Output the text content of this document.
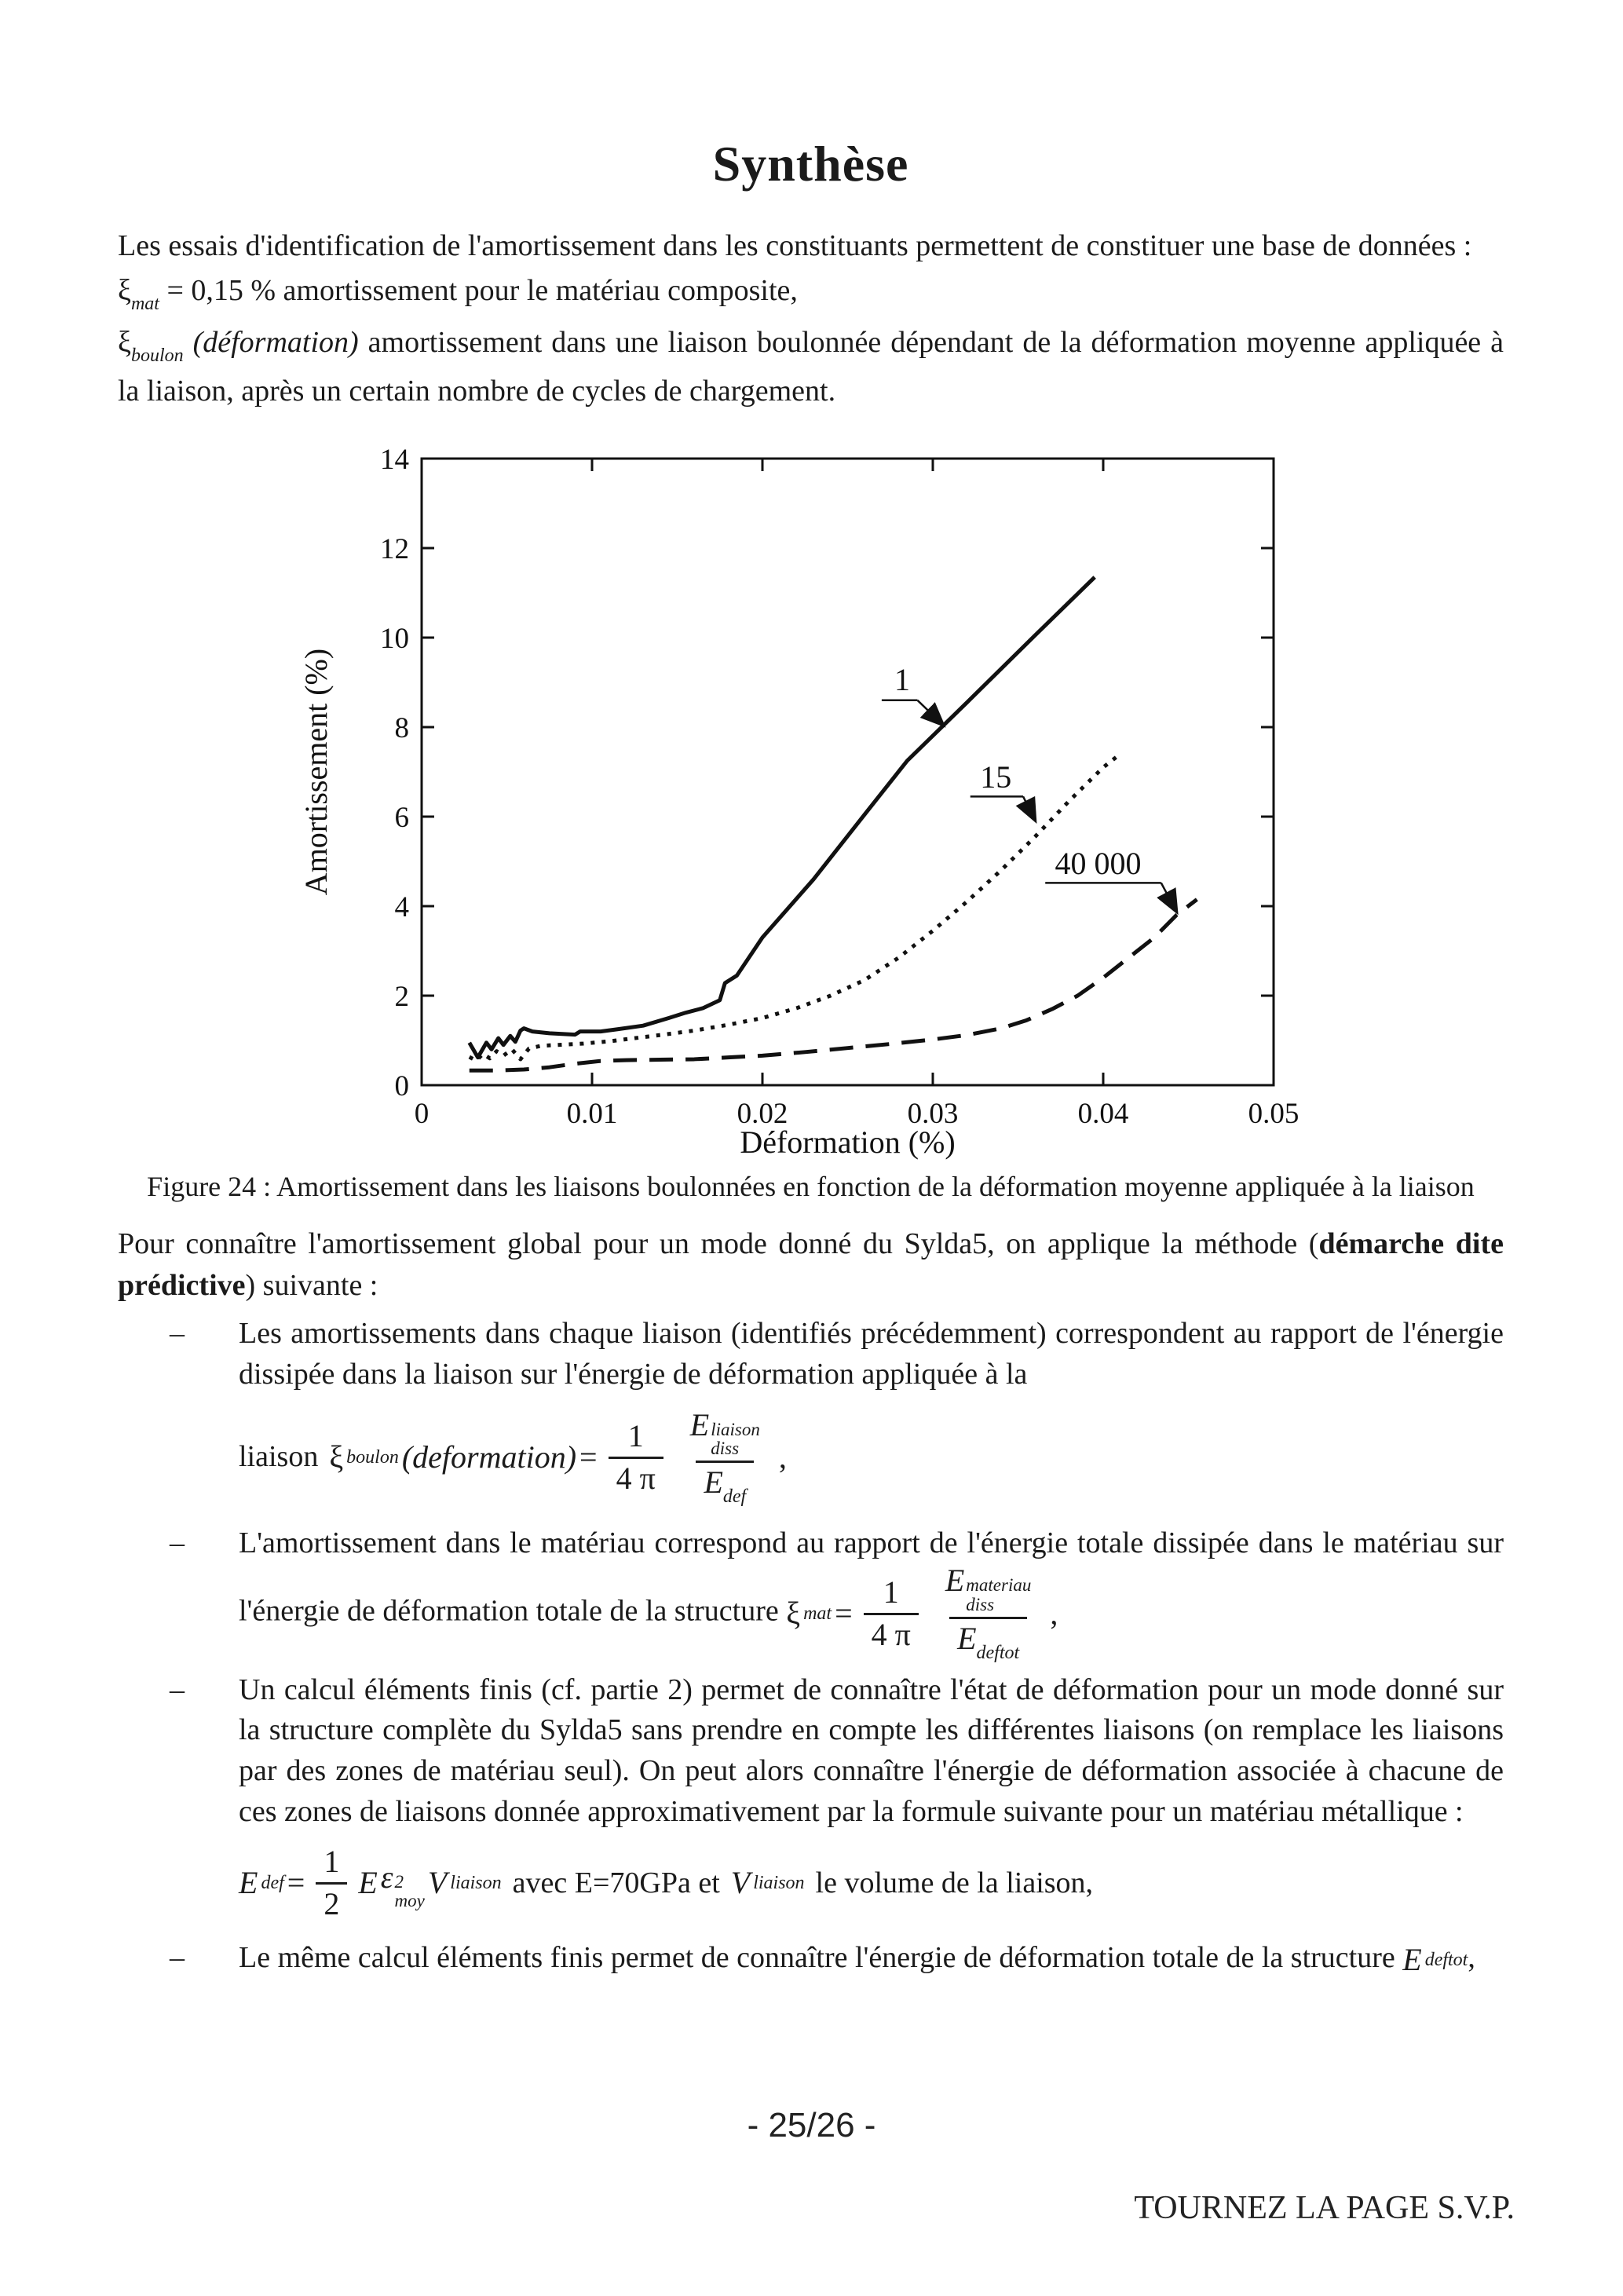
Synthèse
Les essais d'identification de l'amortissement dans les constituants permettent de constituer une base de données :
$\xi_{mat} = 0,15$ % amortissement pour le matériau composite,
$\xi_{boulon}$ (déformation) amortissement dans une liaison boulonnée dépendant de la déformation moyenne appliquée à la liaison, après un certain nombre de cycles de chargement.
0	0.01	0.02	0.03	0.04	0.05
0
2
4
6
8
10
12
14
Amortissement (%)
Déformation (%)
1
15
40 000
Figure 24 : Amortissement dans les liaisons boulonnées en fonction de la déformation moyenne appliquée à la liaison
Pour connaître l'amortissement global pour un mode donné du Sylda5, on applique la méthode (démarche dite prédictive) suivante :
–	Les amortissements dans chaque liaison (identifiés précédemment) correspondent au rapport de l'énergie dissipée dans la liaison sur l'énergie de déformation appliquée à la
liaison ξ boulon (deformation) = $\frac{1}{4 \pi}$ E liaison
diss
$E_{def}$ ,
–	L'amortissement dans le matériau correspond au rapport de l'énergie totale dissipée dans le matériau sur l'énergie de déformation totale de la structure ξ mat = $\frac{1}{4 \pi}$ E materiau
diss
$E_{deftot}$ ,
–	Un calcul éléments finis (cf. partie 2) permet de connaître l'état de déformation pour un mode donné sur la structure complète du Sylda5 sans prendre en compte les différentes liaisons (on remplace les liaisons par des zones de matériau seul). On peut alors connaître l'énergie de déformation associée à chacune de ces zones de liaisons donnée approximativement par la formule suivante pour un matériau métallique :
E def = $\frac{1}{2}$ E ε 2
moy
V liaison avec E=70GPa et V liaison le volume de la liaison,
–	Le même calcul éléments finis permet de connaître l'énergie de déformation totale de la structure E deftot ,
- 25/26 -
TOURNEZ LA PAGE S.V.P.
